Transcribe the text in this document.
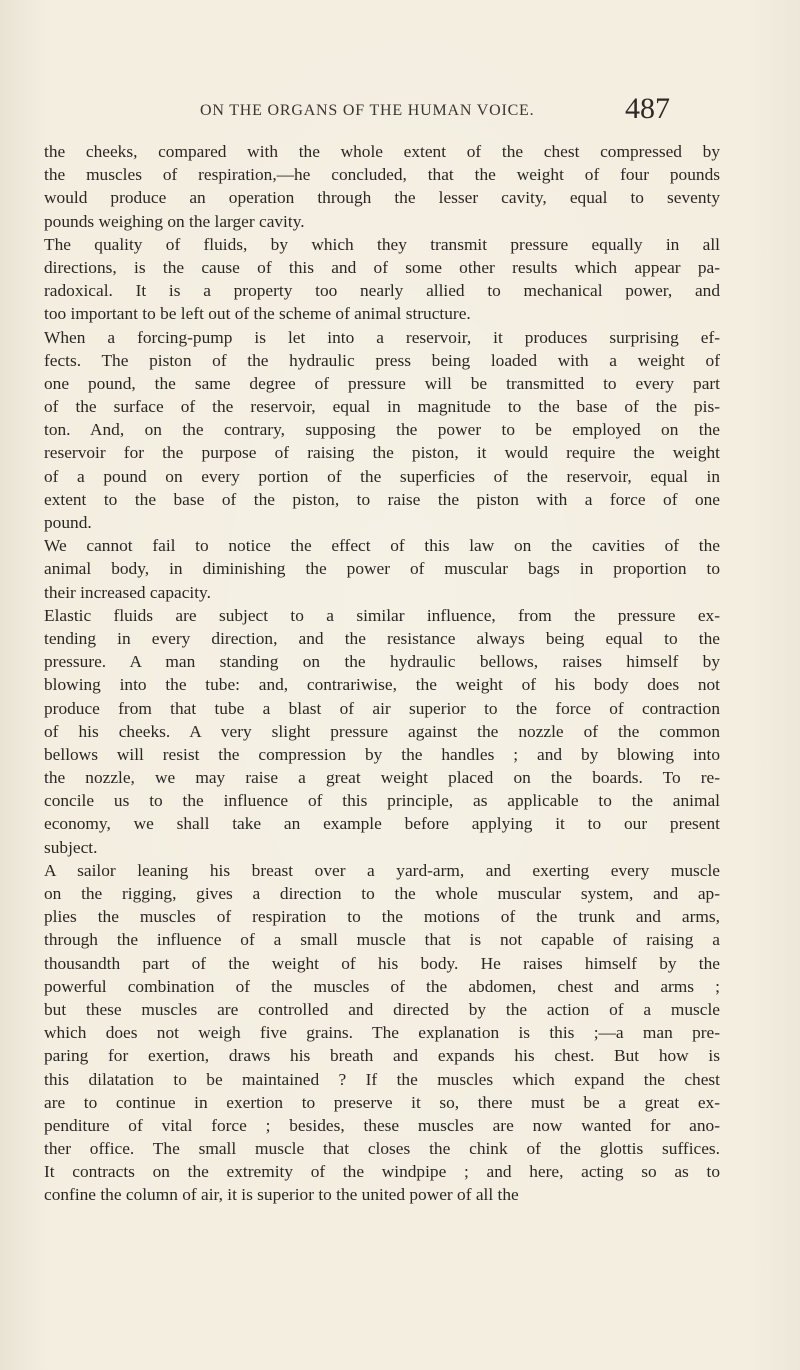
ON THE ORGANS OF THE HUMAN VOICE.	487
the cheeks, compared with the whole extent of the chest compressed by
the muscles of respiration,—he concluded, that the weight of four pounds
would produce an operation through the lesser cavity, equal to seventy
pounds weighing on the larger cavity.
The quality of fluids, by which they transmit pressure equally in all
directions, is the cause of this and of some other results which appear pa-
radoxical. It is a property too nearly allied to mechanical power, and
too important to be left out of the scheme of animal structure.
When a forcing-pump is let into a reservoir, it produces surprising ef-
fects. The piston of the hydraulic press being loaded with a weight of
one pound, the same degree of pressure will be transmitted to every part
of the surface of the reservoir, equal in magnitude to the base of the pis-
ton. And, on the contrary, supposing the power to be employed on the
reservoir for the purpose of raising the piston, it would require the weight
of a pound on every portion of the superficies of the reservoir, equal in
extent to the base of the piston, to raise the piston with a force of one
pound.
We cannot fail to notice the effect of this law on the cavities of the
animal body, in diminishing the power of muscular bags in proportion to
their increased capacity.
Elastic fluids are subject to a similar influence, from the pressure ex-
tending in every direction, and the resistance always being equal to the
pressure. A man standing on the hydraulic bellows, raises himself by
blowing into the tube: and, contrariwise, the weight of his body does not
produce from that tube a blast of air superior to the force of contraction
of his cheeks. A very slight pressure against the nozzle of the common
bellows will resist the compression by the handles ; and by blowing into
the nozzle, we may raise a great weight placed on the boards. To re-
concile us to the influence of this principle, as applicable to the animal
economy, we shall take an example before applying it to our present
subject.
A sailor leaning his breast over a yard-arm, and exerting every muscle
on the rigging, gives a direction to the whole muscular system, and ap-
plies the muscles of respiration to the motions of the trunk and arms,
through the influence of a small muscle that is not capable of raising a
thousandth part of the weight of his body. He raises himself by the
powerful combination of the muscles of the abdomen, chest and arms ;
but these muscles are controlled and directed by the action of a muscle
which does not weigh five grains. The explanation is this ;—a man pre-
paring for exertion, draws his breath and expands his chest. But how is
this dilatation to be maintained ? If the muscles which expand the chest
are to continue in exertion to preserve it so, there must be a great ex-
penditure of vital force ; besides, these muscles are now wanted for ano-
ther office. The small muscle that closes the chink of the glottis suffices.
It contracts on the extremity of the windpipe ; and here, acting so as to
confine the column of air, it is superior to the united power of all the
